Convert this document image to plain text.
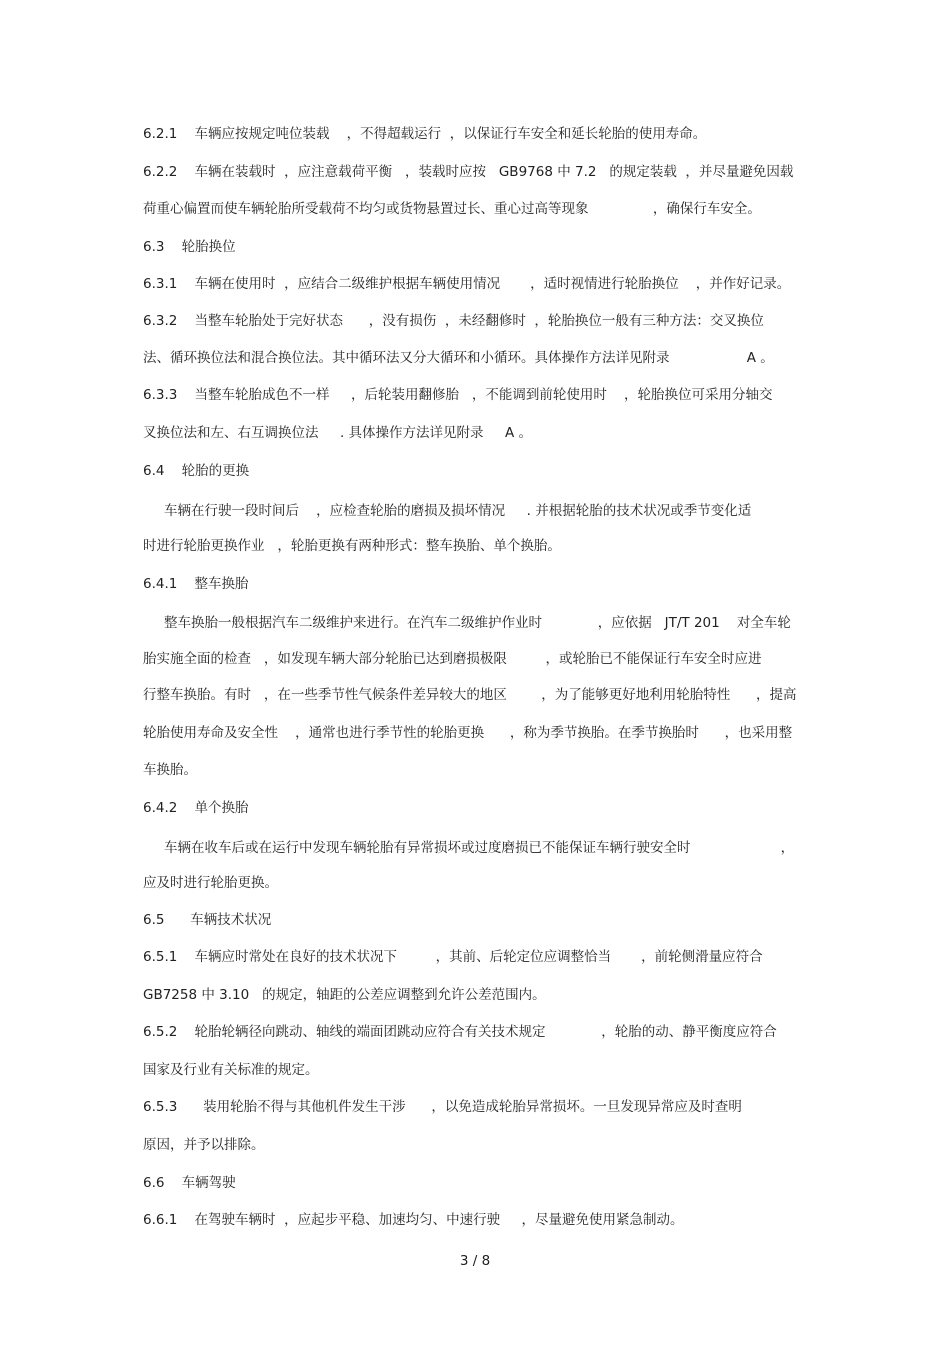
6.2.1    车辆应按规定吨位装载    ，不得超载运行  ，以保证行车安全和延长轮胎的使用寿命。
6.2.2    车辆在装载时  ，应注意载荷平衡   ，装载时应按   GB9768 中 7.2   的规定装载  ，并尽量避免因载
荷重心偏置而使车辆轮胎所受载荷不均匀或货物悬置过长、重心过高等现象               ，确保行车安全。
6.3    轮胎换位
6.3.1    车辆在使用时  ，应结合二级维护根据车辆使用情况       ，适时视情进行轮胎换位    ，并作好记录。
6.3.2    当整车轮胎处于完好状态      ，没有损伤  ，未经翻修时  ，轮胎换位一般有三种方法：交叉换位
法、循环换位法和混合换位法。其中循环法又分大循环和小循环。具体操作方法详见附录                  A 。
6.3.3    当整车轮胎成色不一样     ，后轮装用翻修胎   ，不能调到前轮使用时    ，轮胎换位可采用分轴交
叉换位法和左、右互调换位法     . 具体操作方法详见附录     A 。
6.4    轮胎的更换
车辆在行驶一段时间后    ，应检查轮胎的磨损及损坏情况     . 并根据轮胎的技术状况或季节变化适
时进行轮胎更换作业   ，轮胎更换有两种形式：整车换胎、单个换胎。
6.4.1    整车换胎
整车换胎一般根据汽车二级维护来进行。在汽车二级维护作业时             ，应依据   JT/T 201    对全车轮
胎实施全面的检查   ，如发现车辆大部分轮胎已达到磨损极限         ，或轮胎已不能保证行车安全时应进
行整车换胎。有时   ，在一些季节性气候条件差异较大的地区        ，为了能够更好地利用轮胎特性      ，提高
轮胎使用寿命及安全性    ，通常也进行季节性的轮胎更换      ，称为季节换胎。在季节换胎时      ，也采用整
车换胎。
6.4.2    单个换胎
车辆在收车后或在运行中发现车辆轮胎有异常损坏或过度磨损已不能保证车辆行驶安全时                     ，
应及时进行轮胎更换。
6.5      车辆技术状况
6.5.1    车辆应时常处在良好的技术状况下         ，其前、后轮定位应调整恰当       ，前轮侧滑量应符合
GB7258 中 3.10   的规定，轴距的公差应调整到允许公差范围内。
6.5.2    轮胎轮辆径向跳动、轴线的端面团跳动应符合有关技术规定             ，轮胎的动、静平衡度应符合
国家及行业有关标准的规定。
6.5.3      装用轮胎不得与其他机件发生干涉      ，以免造成轮胎异常损坏。一旦发现异常应及时查明
原因，并予以排除。
6.6    车辆驾驶
6.6.1    在驾驶车辆时  ，应起步平稳、加速均匀、中速行驶     ，尽量避免使用紧急制动。
3 / 8
